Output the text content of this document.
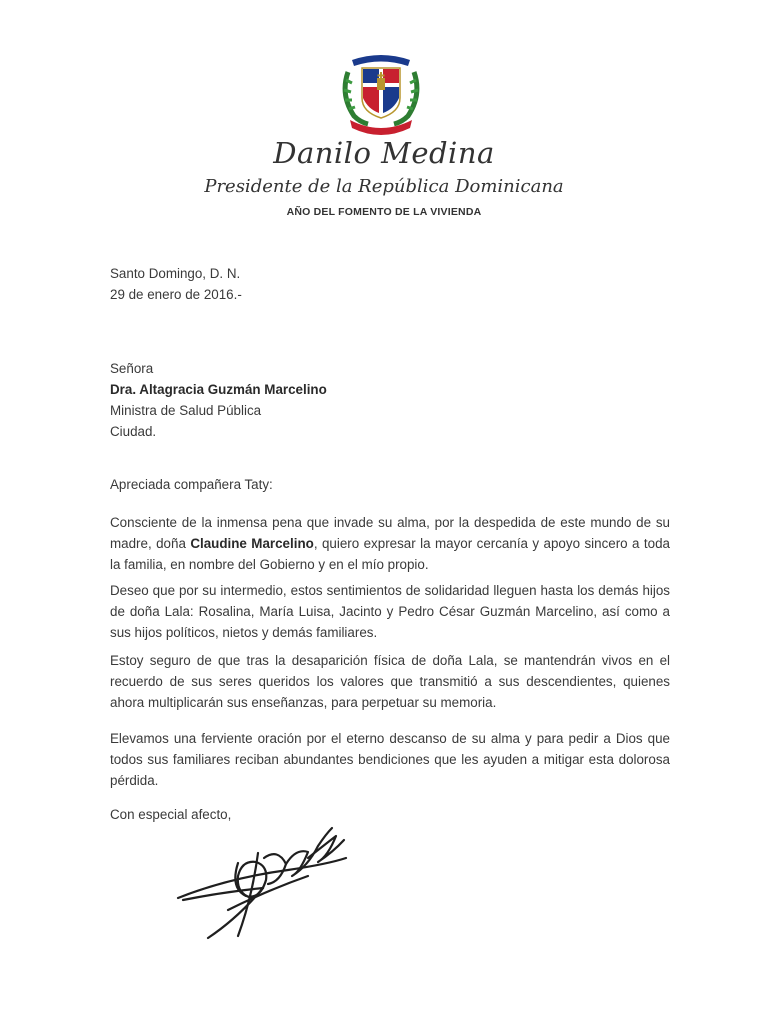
Danilo Medina
Presidente de la República Dominicana
AÑO DEL FOMENTO DE LA VIVIENDA
Santo Domingo, D. N.
29 de enero de 2016.-
Señora
Dra. Altagracia Guzmán Marcelino
Ministra de Salud Pública
Ciudad.
Apreciada compañera Taty:
Consciente de la inmensa pena que invade su alma, por la despedida de este mundo de su madre, doña Claudine Marcelino, quiero expresar la mayor cercanía y apoyo sincero a toda la familia, en nombre del Gobierno y en el mío propio.
Deseo que por su intermedio, estos sentimientos de solidaridad lleguen hasta los demás hijos de doña Lala: Rosalina, María Luisa, Jacinto y Pedro César Guzmán Marcelino, así como a sus hijos políticos, nietos y demás familiares.
Estoy seguro de que tras la desaparición física de doña Lala, se mantendrán vivos en el recuerdo de sus seres queridos los valores que transmitió a sus descendientes, quienes ahora multiplicarán sus enseñanzas, para perpetuar su memoria.
Elevamos una ferviente oración por el eterno descanso de su alma y para pedir a Dios que todos sus familiares reciban abundantes bendiciones que les ayuden a mitigar esta dolorosa pérdida.
Con especial afecto,
